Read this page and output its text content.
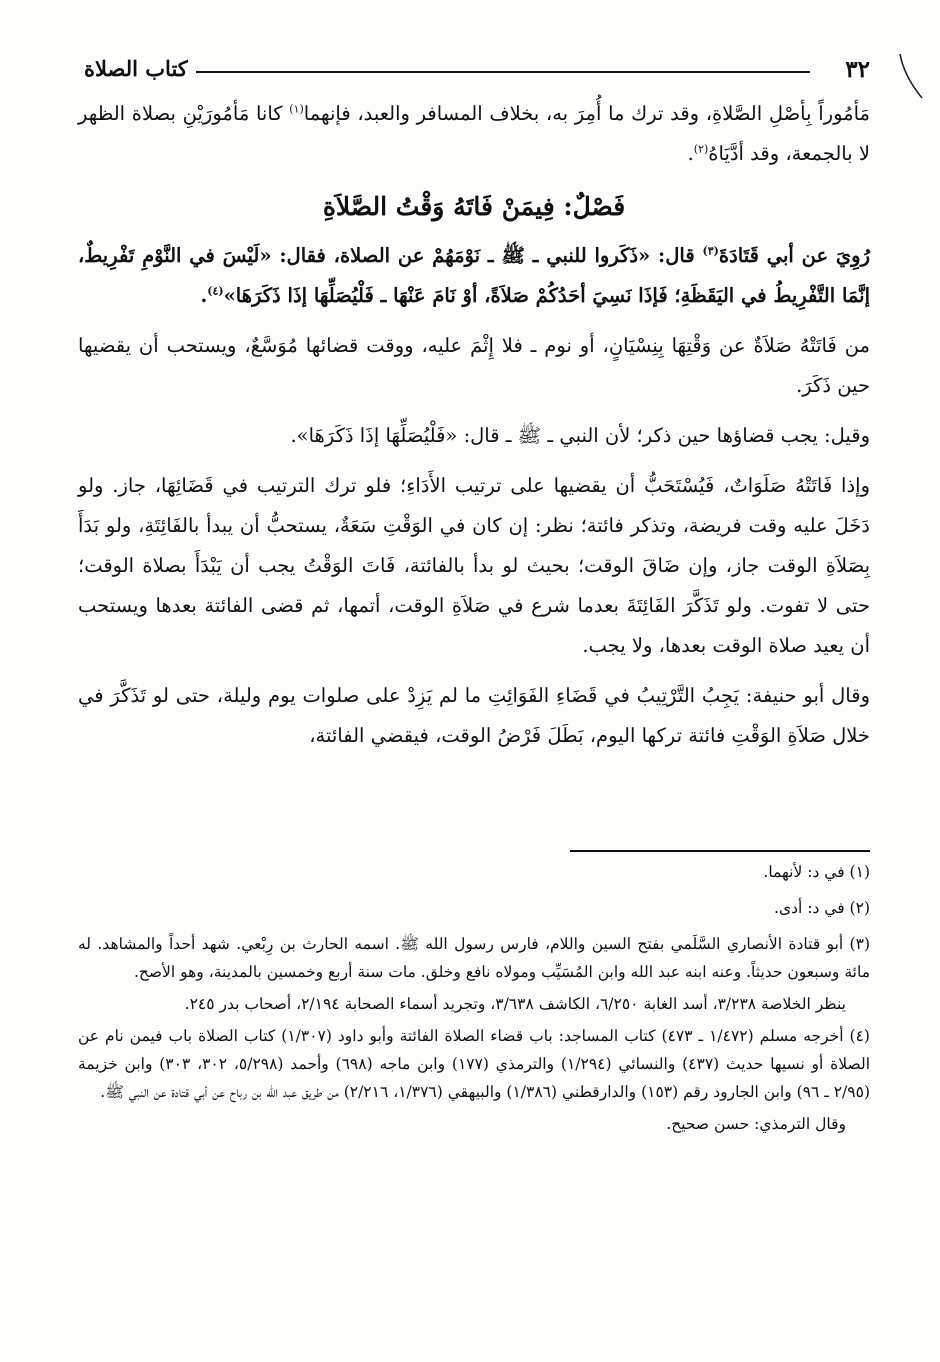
٣٢
كتاب الصلاة

مَأمُوراً بِأصْلِ الصَّلاةِ، وقد ترك ما أُمِرَ به، بخلاف المسافر والعبد، فإنهما$^{(١)}$ كانا مَأمُورَيْنِ بصلاة الظهر لا بالجمعة، وقد أدَّيَاهُ$^{(٢)}$.

فَصْلٌ: فِيمَنْ فَاتَهُ وَقْتُ الصَّلاَةِ

رُوِيَ عن أبي قَتَادَةَ$^{(٣)}$ قال: «ذَكَروا للنبي ـ ﷺ ـ نَوْمَهُمْ عن الصلاة، فقال: «لَيْسَ في النَّوْمِ تَفْرِيطٌ، إنَّمَا التَّفْرِيطُ في اليَقَظَةِ؛ فَإذَا نَسِيَ أحَدُكُمْ صَلاَةً، أوْ نَامَ عَنْهَا ـ فَلْيُصَلِّهَا إذَا ذَكَرَهَا»$^{(٤)}$.

من فَاتَتْهُ صَلاَةٌ عن وَقْتِهَا بِنِسْيَانٍ، أو نوم ـ فلا إِثْمَ عليه، ووقت قضائها مُوَسَّعٌ، ويستحب أن يقضيها حين ذَكَرَ.

وقيل: يجب قضاؤها حين ذكر؛ لأن النبي ـ ﷺ ـ قال: «فَلْيُصَلِّهَا إذَا ذَكَرَهَا».

وإذا فَاتَتْهُ صَلَوَاتٌ، فَيُسْتَحَبُّ أن يقضيها على ترتيب الأَدَاءِ؛ فلو ترك الترتيب في قَضَائِهَا، جاز. ولو دَخَلَ عليه وقت فريضة، وتذكر فائتة؛ نظر: إن كان في الوَقْتِ سَعَةٌ، يستحبُّ أن يبدأ بالفَائِتَةِ، ولو بَدَأَ بِصَلاَةِ الوقت جاز، وإن ضَاقَ الوقت؛ بحيث لو بدأ بالفائتة، فَاتَ الوَقْتُ يجب أن يَبْدَأَ بصلاة الوقت؛ حتى لا تفوت. ولو تَذَكَّرَ الفَائِتَةَ بعدما شرع في صَلاَةِ الوقت، أتمها، ثم قضى الفائتة بعدها ويستحب أن يعيد صلاة الوقت بعدها، ولا يجب.

وقال أبو حنيفة: يَجِبُ التَّرْتِيبُ في قَضَاءِ الفَوَائِتِ ما لم يَزِدْ على صلوات يوم وليلة، حتى لو تَذَكَّرَ في خلال صَلاَةِ الوَقْتِ فائتة تركها اليوم، بَطَلَ فَرْضُ الوقت، فيقضي الفائتة،

(١) في د: لأنهما.

(٢) في د: أدى.

(٣) أبو قتادة الأنصاري السَّلَمي بفتح السين واللام، فارس رسول الله ﷺ. اسمه الحارث بن رِبْعي. شهد أحداً والمشاهد. له مائة وسبعون حديثاً. وعنه ابنه عبد الله وابن المُسَيِّب ومولاه نافع وخلق. مات سنة أربع وخمسين بالمدينة، وهو الأصح.

ينظر الخلاصة ٣/٢٣٨، أسد الغابة ٦/٢٥٠، الكاشف ٣/٦٣٨، وتجريد أسماء الصحابة ٢/١٩٤، أصحاب بدر ٢٤٥.

(٤) أخرجه مسلم (١/٤٧٢ ـ ٤٧٣) كتاب المساجد: باب قضاء الصلاة الفائتة وأبو داود (١/٣٠٧) كتاب الصلاة باب فيمن نام عن الصلاة أو نسيها حديث (٤٣٧) والنسائي (١/٢٩٤) والترمذي (١٧٧) وابن ماجه (٦٩٨) وأحمد (٥/٢٩٨، ٣٠٢، ٣٠٣) وابن خزيمة (٢/٩٥ ـ ٩٦) وابن الجارود رقم (١٥٣) والدارقطني (١/٣٨٦) والبيهقي (١/٣٧٦، ٢/٢١٦) من طريق عبد الله بن رباح عن أبي قتادة عن النبي ﷺ.

وقال الترمذي: حسن صحيح.
